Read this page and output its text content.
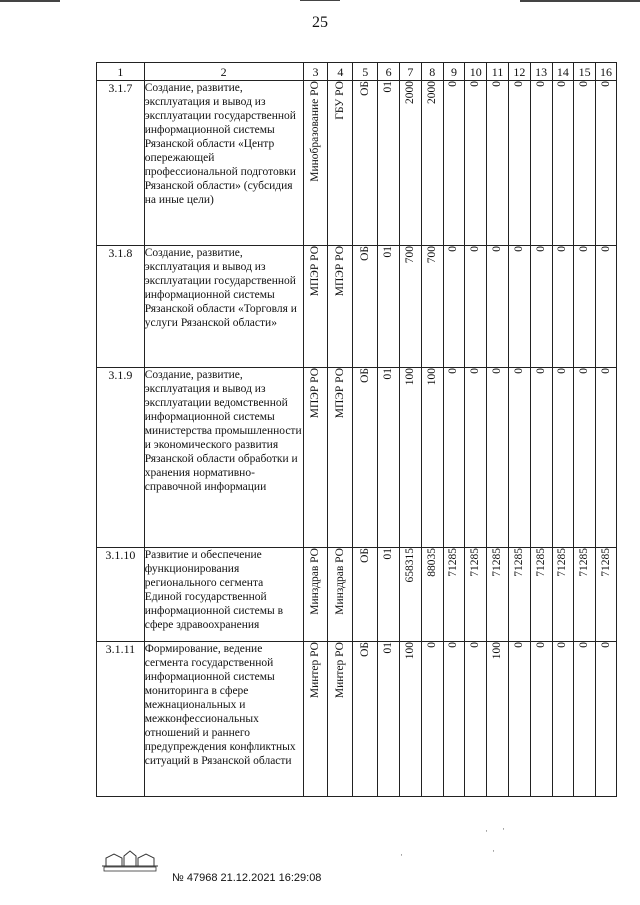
25
1	2	3	4	5	6	7	8	9	10	11	12	13	14	15	16
3.1.7	Создание, развитие, эксплуатация и вывод из эксплуатации государственной информационной системы Рязанской области «Центр опережающей профессиональной подготовки Рязанской области» (субсидия на иные цели)	Минобразование РО	ГБУ РО	ОБ	01	2000	2000	0	0	0	0	0	0	0	0

3.1.8	Создание, развитие, эксплуатация и вывод из эксплуатации государственной информационной системы Рязанской области «Торговля и услуги Рязанской области»	МПЭР РО	МПЭР РО	ОБ	01	700	700	0	0	0	0	0	0	0	0

3.1.9	Создание, развитие, эксплуатация и вывод из эксплуатации ведомственной информационной системы министерства промышленности и экономического развития Рязанской области обработки и хранения нормативно-справочной информации	МПЭР РО	МПЭР РО	ОБ	01	100	100	0	0	0	0	0	0	0	0

3.1.10	Развитие и обеспечение функционирования регионального сегмента Единой государственной информационной системы в сфере здравоохранения	Минздрав РО	Минздрав РО	ОБ	01	658315	88035	71285	71285	71285	71285	71285	71285	71285	71285

3.1.11	Формирование, ведение сегмента государственной информационной системы мониторинга в сфере межнациональных и межконфессиональных отношений и раннего предупреждения конфликтных ситуаций в Рязанской области	Минтер РО	Минтер РО	ОБ	01	100	0	0	0	100	0	0	0	0	0
№ 47968 21.12.2021 16:29:08
· ·
·	·
